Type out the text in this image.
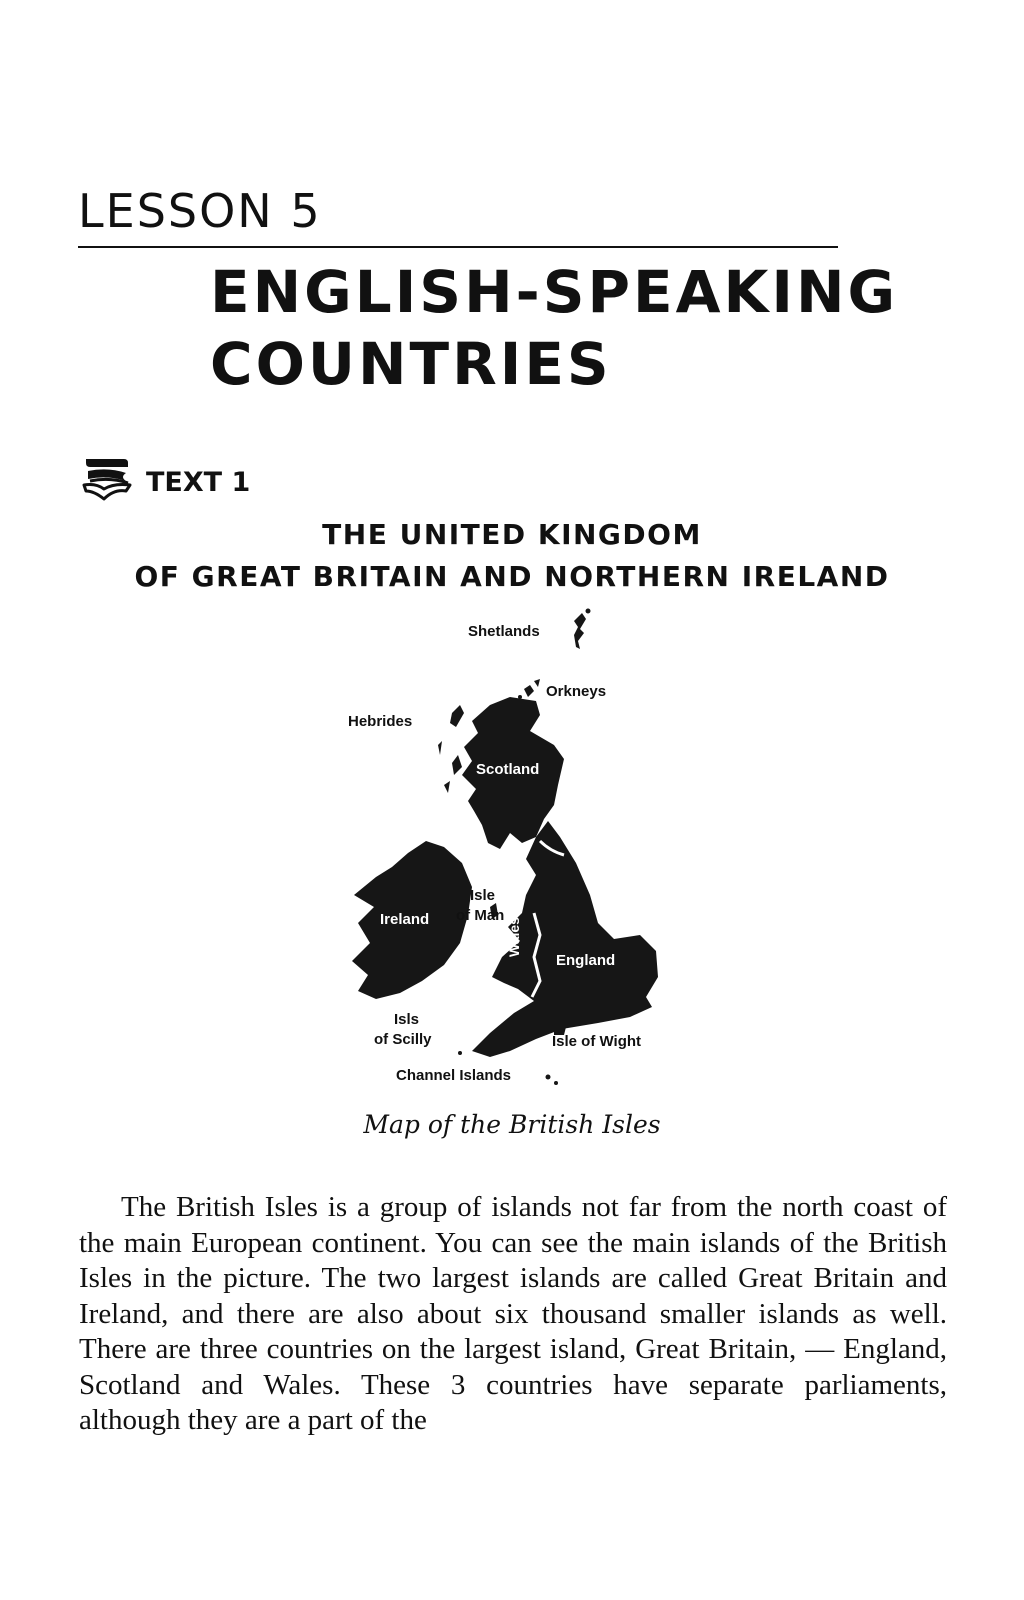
LESSON 5
ENGLISH-SPEAKING
COUNTRIES
TEXT 1
THE UNITED KINGDOM
OF GREAT BRITAIN AND NORTHERN IRELAND
Shetlands
Orkneys
Hebrides
Scotland
Isle
of Man
Ireland	Wales
England
Isls
of Scilly	Isle of Wight
Channel Islands

Map of the British Isles

The British Isles is a group of islands not far from the north coast of the main European continent. You can see the main islands of the British Isles in the picture. The two largest islands are called Great Britain and Ireland, and there are also about six thousand smaller islands as well. There are three countries on the largest island, Great Britain, — England, Scotland and Wales. These 3 countries have separate parliaments, although they are a part of the
